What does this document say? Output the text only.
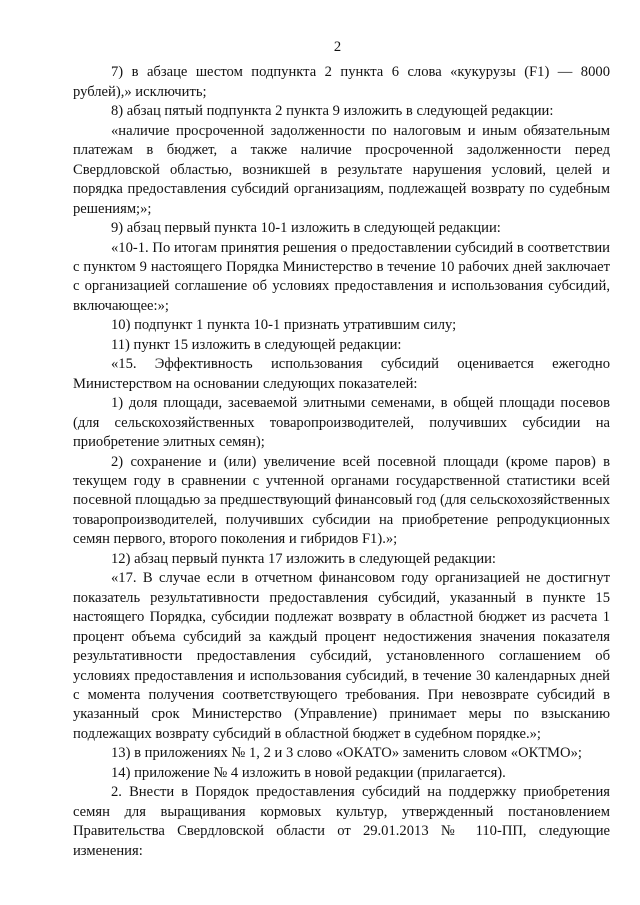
2

7) в абзаце шестом подпункта 2 пункта 6 слова «кукурузы (F1) — 8000 рублей),» исключить;

8) абзац пятый подпункта 2 пункта 9 изложить в следующей редакции:

«наличие просроченной задолженности по налоговым и иным обязательным платежам в бюджет, а также наличие просроченной задолженности перед Свердловской областью, возникшей в результате нарушения условий, целей и порядка предоставления субсидий организациям, подлежащей возврату по судебным решениям;»;

9) абзац первый пункта 10-1 изложить в следующей редакции:

«10-1. По итогам принятия решения о предоставлении субсидий в соответствии с пунктом 9 настоящего Порядка Министерство в течение 10 рабочих дней заключает с организацией соглашение об условиях предоставления и использования субсидий, включающее:»;

10) подпункт 1 пункта 10-1 признать утратившим силу;

11) пункт 15 изложить в следующей редакции:

«15. Эффективность использования субсидий оценивается ежегодно Министерством на основании следующих показателей:

1) доля площади, засеваемой элитными семенами, в общей площади посевов (для сельскохозяйственных товаропроизводителей, получивших субсидии на приобретение элитных семян);

2) сохранение и (или) увеличение всей посевной площади (кроме паров) в текущем году в сравнении с учтенной органами государственной статистики всей посевной площадью за предшествующий финансовый год (для сельскохозяйственных товаропроизводителей, получивших субсидии на приобретение репродукционных семян первого, второго поколения и гибридов F1).»;

12) абзац первый пункта 17 изложить в следующей редакции:

«17. В случае если в отчетном финансовом году организацией не достигнут показатель результативности предоставления субсидий, указанный в пункте 15 настоящего Порядка, субсидии подлежат возврату в областной бюджет из расчета 1 процент объема субсидий за каждый процент недостижения значения показателя результативности предоставления субсидий, установленного соглашением об условиях предоставления и использования субсидий, в течение 30 календарных дней с момента получения соответствующего требования. При невозврате субсидий в указанный срок Министерство (Управление) принимает меры по взысканию подлежащих возврату субсидий в областной бюджет в судебном порядке.»;

13) в приложениях № 1, 2 и 3 слово «ОКАТО» заменить словом «ОКТМО»;

14) приложение № 4 изложить в новой редакции (прилагается).

2. Внести в Порядок предоставления субсидий на поддержку приобретения семян для выращивания кормовых культур, утвержденный постановлением Правительства Свердловской области от 29.01.2013 № 110-ПП, следующие изменения:
